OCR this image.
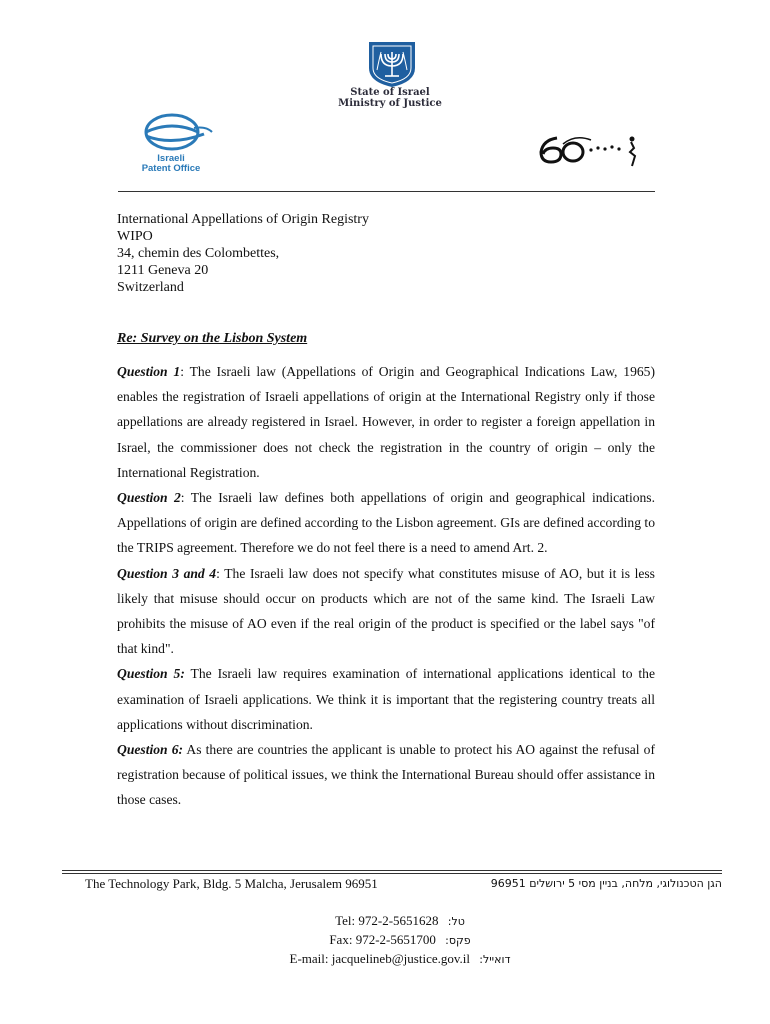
State of Israel
Ministry of Justice
Israeli
Patent Office
International Appellations of Origin Registry
WIPO
34, chemin des Colombettes,
1211 Geneva 20
Switzerland
Re: Survey on the Lisbon System

Question 1: The Israeli law (Appellations of Origin and Geographical Indications Law, 1965) enables the registration of Israeli appellations of origin at the International Registry only if those appellations are already registered in Israel. However, in order to register a foreign appellation in Israel, the commissioner does not check the registration in the country of origin – only the International Registration.

Question 2: The Israeli law defines both appellations of origin and geographical indications. Appellations of origin are defined according to the Lisbon agreement. GIs are defined according to the TRIPS agreement. Therefore we do not feel there is a need to amend Art. 2.

Question 3 and 4: The Israeli law does not specify what constitutes misuse of AO, but it is less likely that misuse should occur on products which are not of the same kind. The Israeli Law prohibits the misuse of AO even if the real origin of the product is specified or the label says "of that kind".

Question 5: The Israeli law requires examination of international applications identical to the examination of Israeli applications. We think it is important that the registering country treats all applications without discrimination.

Question 6: As there are countries the applicant is unable to protect his AO against the refusal of registration because of political issues, we think the International Bureau should offer assistance in those cases.

The Technology Park, Bldg. 5 Malcha, Jerusalem 96951	הגן הטכנולוגי, מלחה, בניין מסי 5 ירושלים 96951
Tel: 972-2-5651628 טל:
Fax: 972-2-5651700 פקס:
E-mail: jacquelineb@justice.gov.il דואייל:
